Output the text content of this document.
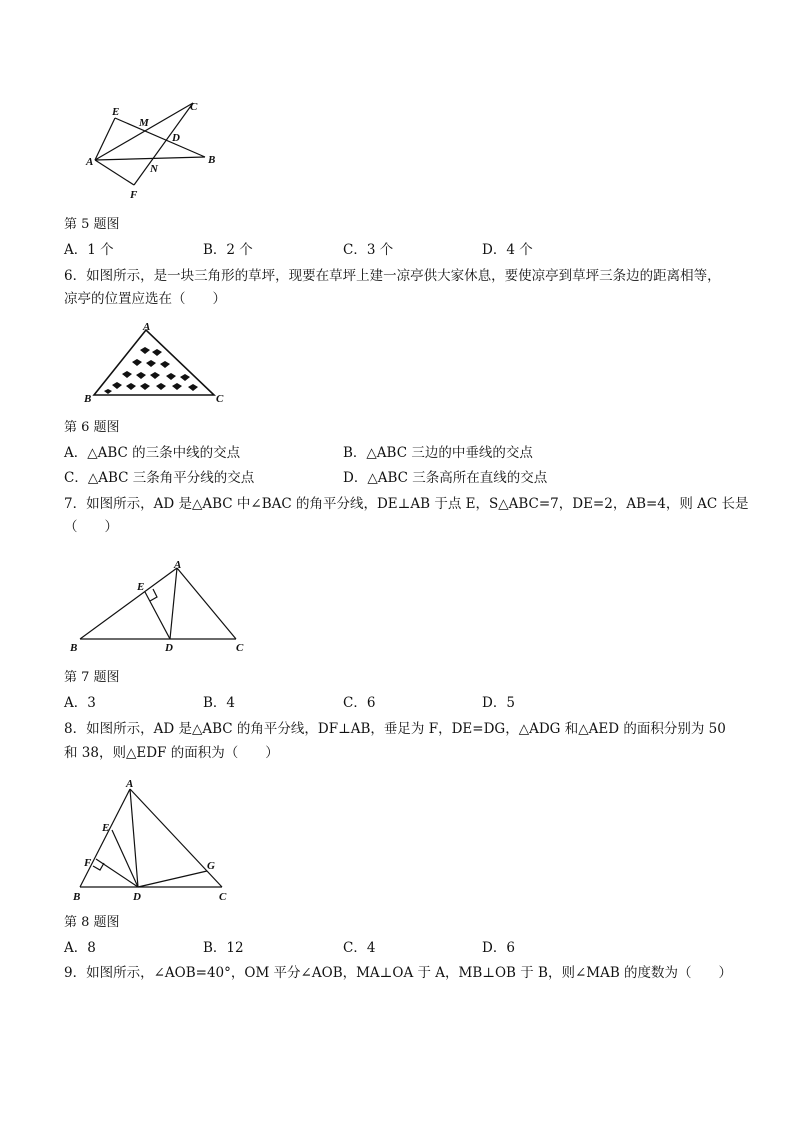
E
M
C
D
A
N
B
F
第 5 题图
A．1 个	B．2 个	C．3 个	D．4 个
6．如图所示，是一块三角形的草坪，现要在草坪上建一凉亭供大家休息，要使凉亭到草坪三条边的距离相等，
凉亭的位置应选在（　　）
A
B	C
第 6 题图
A．△ABC 的三条中线的交点	B．△ABC 三边的中垂线的交点
C．△ABC 三条角平分线的交点	D．△ABC 三条高所在直线的交点
7．如图所示，AD 是△ABC 中∠BAC 的角平分线，DE⊥AB 于点 E，S△ABC=7，DE=2，AB=4，则 AC 长是
（　　）
E
A
B	D	C
第 7 题图
A．3	B．4	C．6	D．5
8．如图所示，AD 是△ABC 的角平分线，DF⊥AB，垂足为 F，DE=DG，△ADG 和△AED 的面积分别为 50
和 38，则△EDF 的面积为（　　）
A
E
F	G
B	D	C
第 8 题图
A．8	B．12	C．4	D．6
9．如图所示，∠AOB=40°，OM 平分∠AOB，MA⊥OA 于 A，MB⊥OB 于 B，则∠MAB 的度数为（　　）
